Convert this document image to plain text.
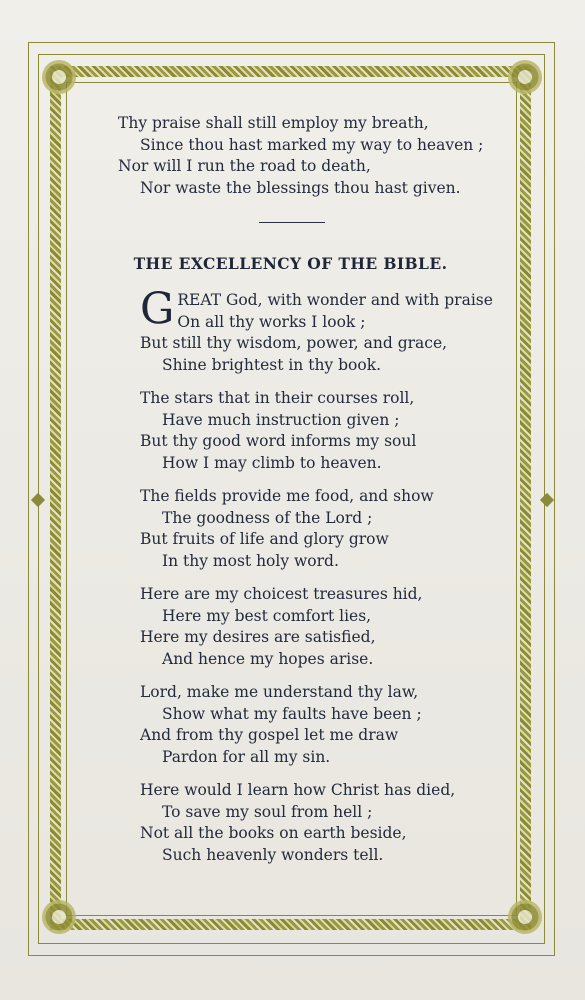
Thy praise shall still employ my breath,
Since thou hast marked my way to heaven ;
Nor will I run the road to death,
Nor waste the blessings thou hast given.
THE EXCELLENCY OF THE BIBLE.
G REAT God, with wonder and with praise
On all thy works I look ;
But still thy wisdom, power, and grace,
Shine brightest in thy book.
The stars that in their courses roll,
Have much instruction given ;
But thy good word informs my soul
How I may climb to heaven.
The fields provide me food, and show
The goodness of the Lord ;
But fruits of life and glory grow
In thy most holy word.
Here are my choicest treasures hid,
Here my best comfort lies,
Here my desires are satisfied,
And hence my hopes arise.
Lord, make me understand thy law,
Show what my faults have been ;
And from thy gospel let me draw
Pardon for all my sin.
Here would I learn how Christ has died,
To save my soul from hell ;
Not all the books on earth beside,
Such heavenly wonders tell.
